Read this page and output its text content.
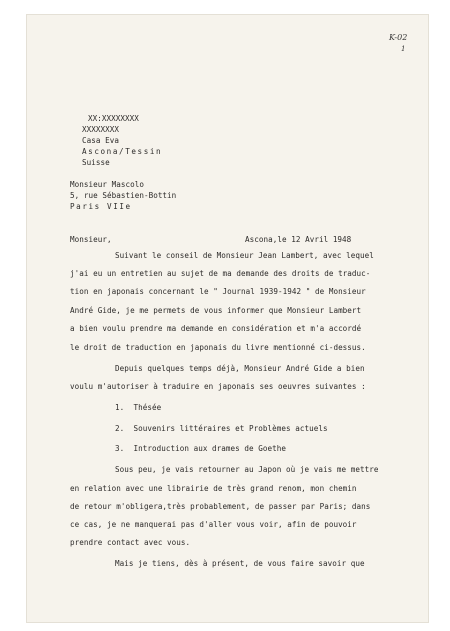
K-02
1
XX:XXXXXXXX
XXXXXXXX
Casa Eva
Ascona/Tessin
Suisse
Monsieur Mascolo
5, rue Sébastien-Bottin
Paris VIIe
Monsieur,	Ascona,le 12 Avril 1948
Suivant le conseil de Monsieur Jean Lambert, avec lequel
j'ai eu un entretien au sujet de ma demande des droits de traduc-
tion en japonais concernant le " Journal 1939-1942 " de Monsieur
André Gide, je me permets de vous informer que Monsieur Lambert
a bien voulu prendre ma demande en considération et m'a accordé
le droit de traduction en japonais du livre mentionné ci-dessus.
Depuis quelques temps déjà, Monsieur André Gide a bien
voulu m'autoriser à traduire en japonais ses oeuvres suivantes :
1.  Thésée
2.  Souvenirs littéraires et Problèmes actuels
3.  Introduction aux drames de Goethe
Sous peu, je vais retourner au Japon où je vais me mettre
en relation avec une librairie de très grand renom, mon chemin
de retour m'obligera,très probablement, de passer par Paris; dans
ce cas, je ne manquerai pas d'aller vous voir, afin de pouvoir
prendre contact avec vous.
Mais je tiens, dès à présent, de vous faire savoir que
